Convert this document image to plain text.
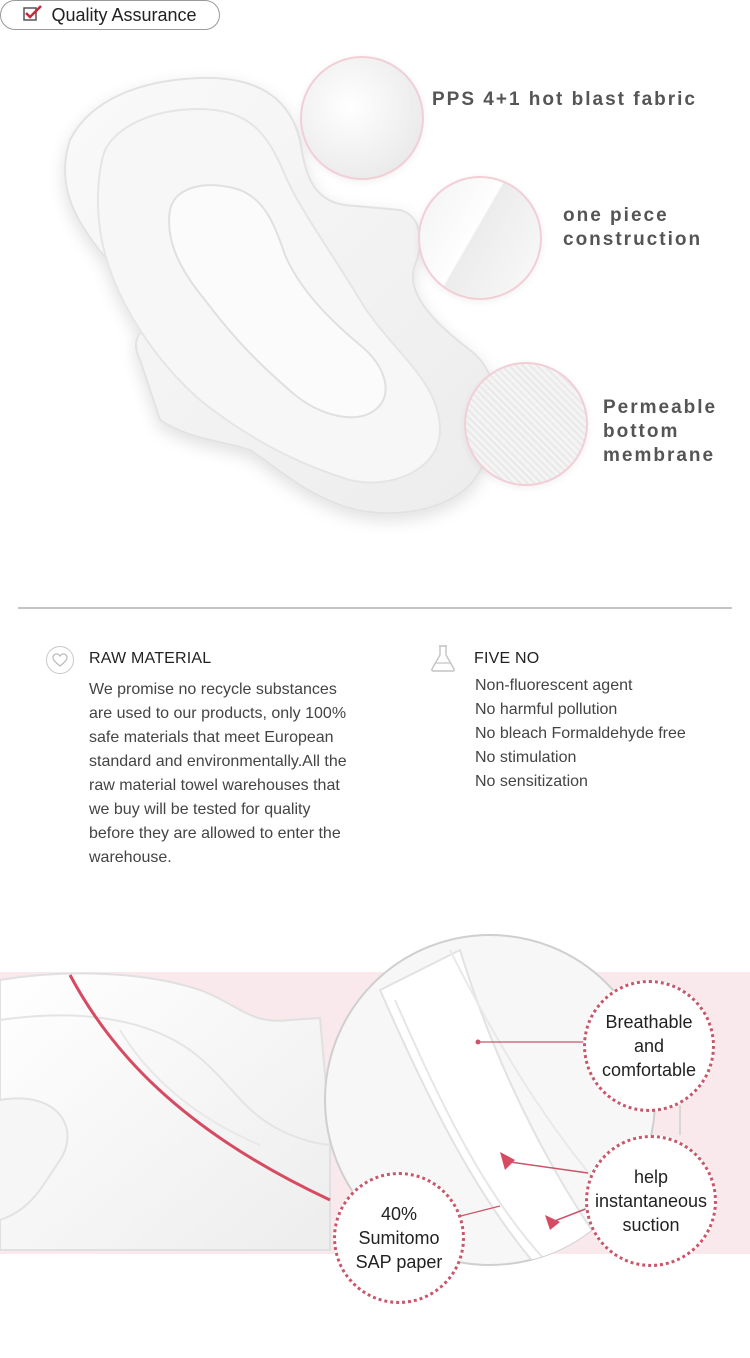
PPS 4+1 hot blast fabric
one piece
construction
Permeable
bottom
membrane
Quality Assurance
RAW MATERIAL
We promise no recycle substances
are used to our products, only 100%
safe materials that meet European
standard and environmentally.All the
raw material towel warehouses that
we buy will be tested for quality
before they are allowed to enter the
warehouse.
FIVE NO
Non-fluorescent agent
No harmful pollution
No bleach Formaldehyde free
No stimulation
No sensitization
Breathable
and
comfortable
help
instantaneous
suction
40%
Sumitomo
SAP paper
